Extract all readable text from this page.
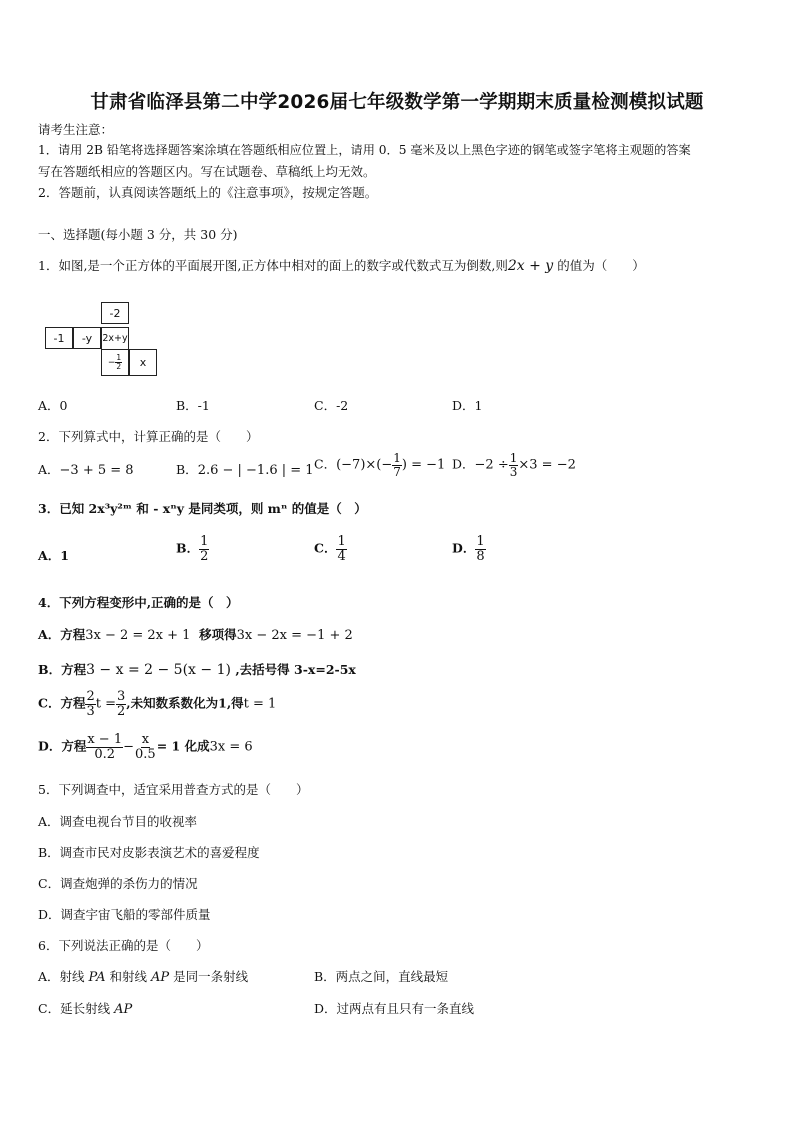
甘肃省临泽县第二中学2026届七年级数学第一学期期末质量检测模拟试题
请考生注意：
1．请用 2B 铅笔将选择题答案涂填在答题纸相应位置上，请用 0．5 毫米及以上黑色字迹的钢笔或签字笔将主观题的答案
写在答题纸相应的答题区内。写在试题卷、草稿纸上均无效。
2．答题前，认真阅读答题纸上的《注意事项》，按规定答题。
一、选择题(每小题 3 分，共 30 分)
1．如图,是一个正方体的平面展开图,正方体中相对的面上的数字或代数式互为倒数,则2x + y 的值为（　　）
-2
-1	-y	2x+y
− $\frac{1}{2}$	x
A．0	B．-1	C．-2	D．1
2．下列算式中，计算正确的是（　　）
A．−3 + 5 = 8	B．2.6 − | −1.6 | = 1 C．$(-7)\times(- \frac{1}{7}$ ) = −1 D．$-2 \div \frac{1}{3} \times 3 = -2$
3．已知 2x³y²ᵐ 和 - xⁿy 是同类项，则 mⁿ 的值是（　）
A．1	B． $\frac{1}{2}$	C． $\frac{1}{4}$	D． $\frac{1}{8}$
4．下列方程变形中,正确的是（　）
A．方程3x − 2 = 2x + 1 移项得3x − 2x = −1 + 2
B．方程3 − x = 2 − 5(x − 1) ,去括号得 3-x=2-5x
C．方程 $\frac{2}{3}$ $t = \frac{3}{2}$ ,未知数系数化为1,得t = 1
D．方程 $\frac{x - 1}{0.2} - \frac{x}{0.5} = 1$ 化成3x = 6
5．下列调查中，适宜采用普查方式的是（　　）
A．调查电视台节目的收视率
B．调查市民对皮影表演艺术的喜爱程度
C．调查炮弹的杀伤力的情况
D．调查宇宙飞船的零部件质量
6．下列说法正确的是（　　）
A．射线 PA 和射线 AP 是同一条射线	B．两点之间，直线最短
C．延长射线 AP	D．过两点有且只有一条直线
